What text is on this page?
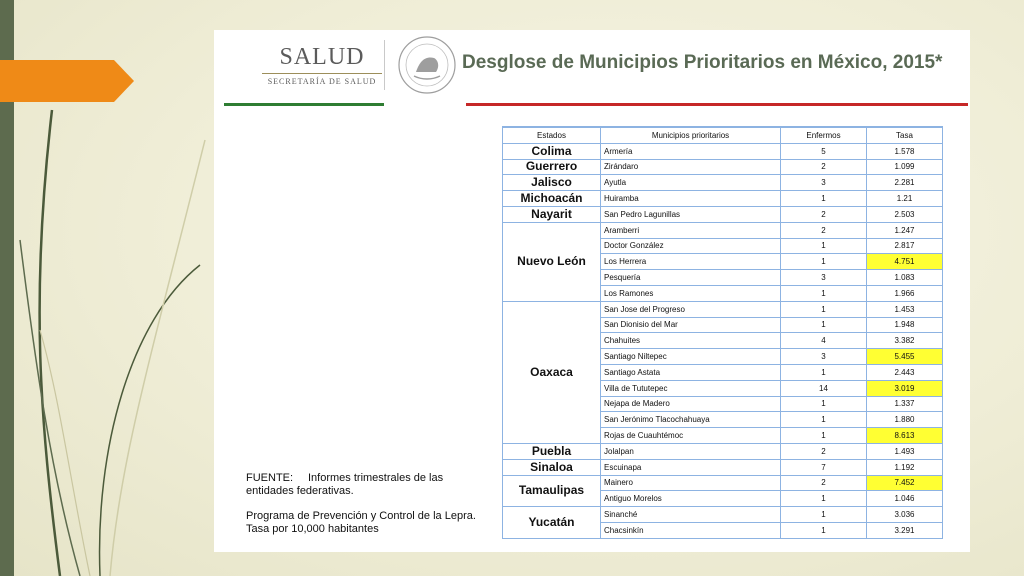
SALUD
SECRETARÍA DE SALUD
Desglose de Municipios Prioritarios en México, 2015*

Estados	Municipios prioritarios	Enfermos	Tasa
Colima	Armería	5	1.578
Guerrero	Zirándaro	2	1.099
Jalisco	Ayutla	3	2.281
Michoacán	Huiramba	1	1.21
Nayarit	San Pedro Lagunillas	2	2.503
Nuevo León	Aramberri	2	1.247
	Doctor González	1	2.817
	Los Herrera	1	4.751
	Pesquería	3	1.083
	Los Ramones	1	1.966
Oaxaca	San Jose del Progreso	1	1.453
	San Dionisio del Mar	1	1.948
	Chahuites	4	3.382
	Santiago Niltepec	3	5.455
	Santiago Astata	1	2.443
	Villa de Tututepec	14	3.019
	Nejapa de Madero	1	1.337
	San Jerónimo Tlacochahuaya	1	1.880
	Rojas de Cuauhtémoc	1	8.613
Puebla	Jolalpan	2	1.493
Sinaloa	Escuinapa	7	1.192
Tamaulipas	Mainero	2	7.452
	Antiguo Morelos	1	1.046
Yucatán	Sinanché	1	3.036
	Chacsinkín	1	3.291
FUENTE:	Informes trimestrales de las

entidades federativas.

Programa de Prevención y Control de la Lepra.

Tasa por 10,000 habitantes
